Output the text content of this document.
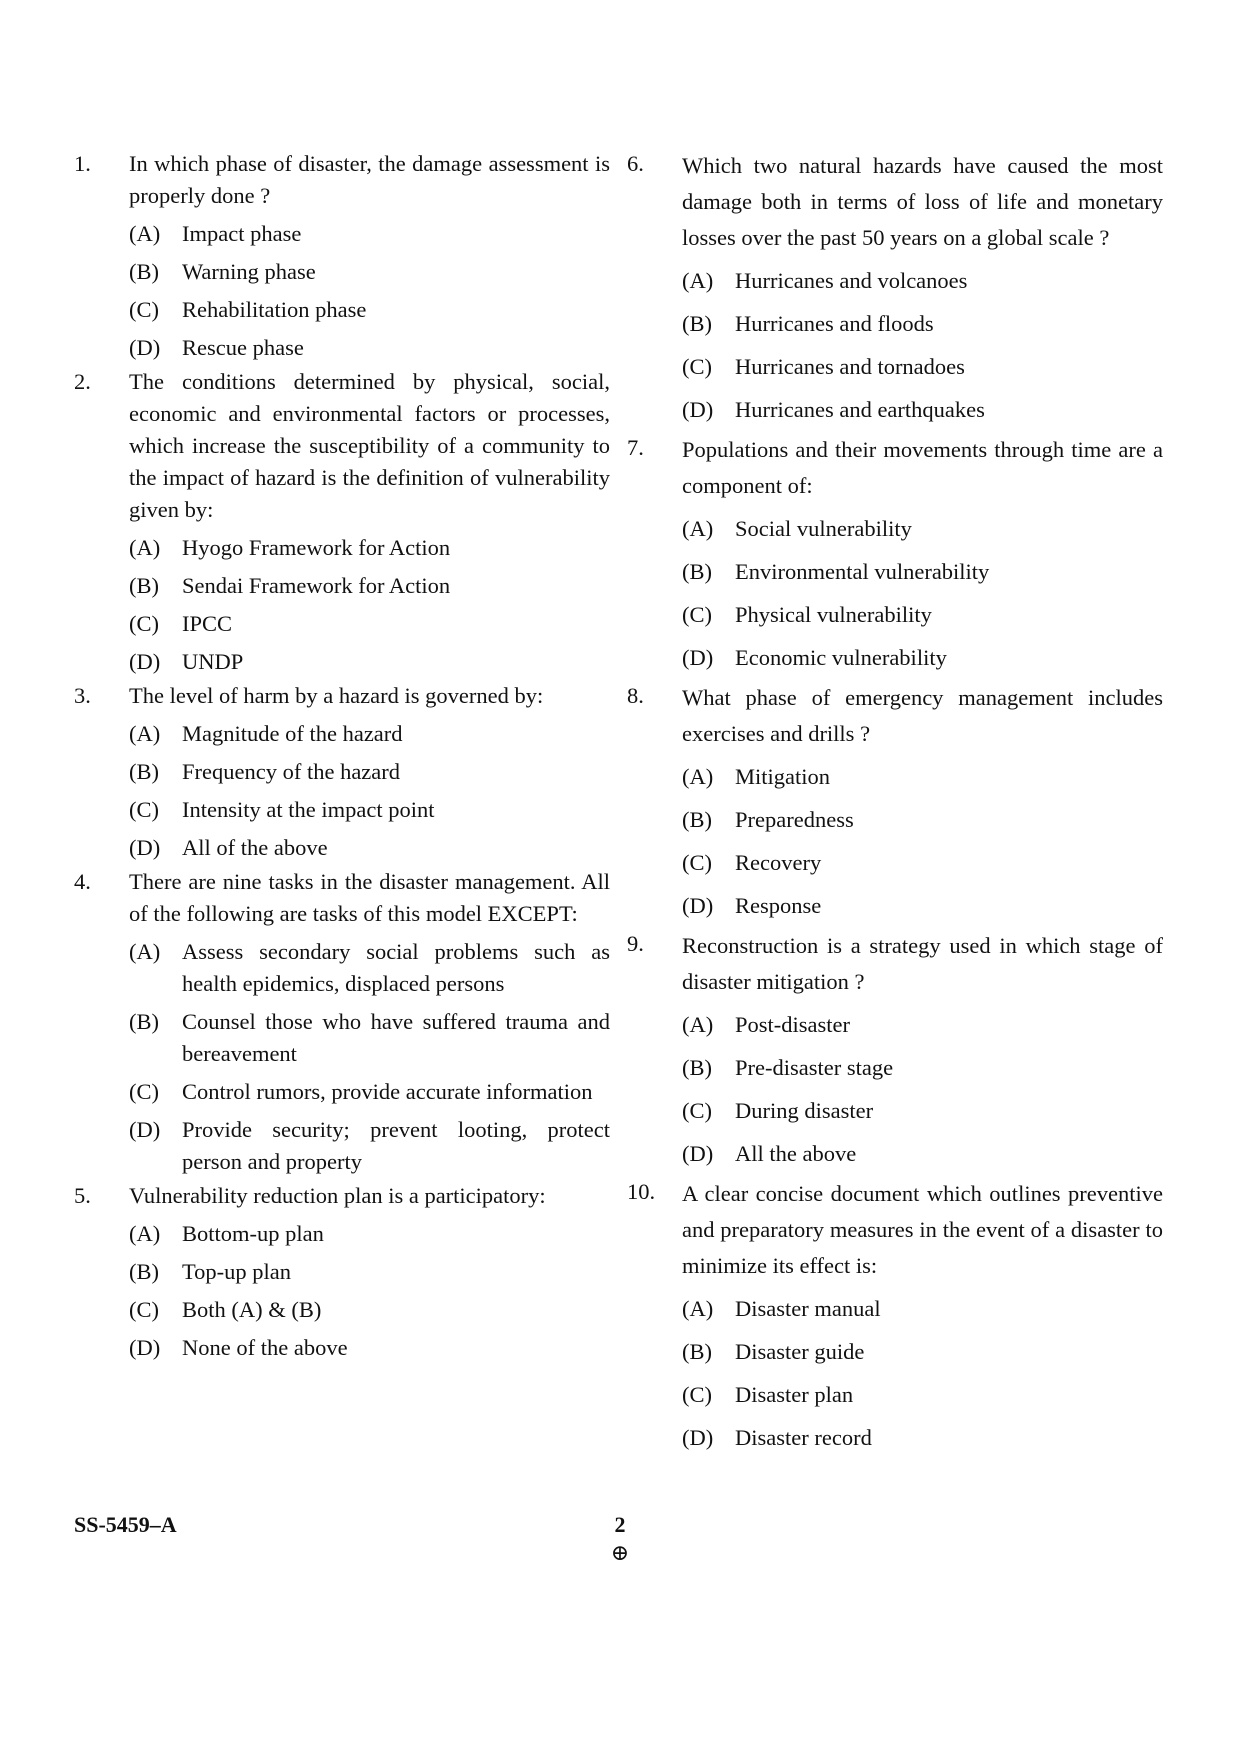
1. In which phase of disaster, the damage assessment is properly done ?
(A) Impact phase
(B) Warning phase
(C) Rehabilitation phase
(D) Rescue phase
2. The conditions determined by physical, social, economic and environmental factors or processes, which increase the susceptibility of a community to the impact of hazard is the definition of vulnerability given by:
(A) Hyogo Framework for Action
(B) Sendai Framework for Action
(C) IPCC
(D) UNDP
3. The level of harm by a hazard is governed by:
(A) Magnitude of the hazard
(B) Frequency of the hazard
(C) Intensity at the impact point
(D) All of the above
4. There are nine tasks in the disaster management. All of the following are tasks of this model EXCEPT:
(A) Assess secondary social problems such as health epidemics, displaced persons
(B) Counsel those who have suffered trauma and bereavement
(C) Control rumors, provide accurate information
(D) Provide security; prevent looting, protect person and property
5. Vulnerability reduction plan is a participatory:
(A) Bottom-up plan
(B) Top-up plan
(C) Both (A) & (B)
(D) None of the above
6. Which two natural hazards have caused the most damage both in terms of loss of life and monetary losses over the past 50 years on a global scale ?
(A) Hurricanes and volcanoes
(B) Hurricanes and floods
(C) Hurricanes and tornadoes
(D) Hurricanes and earthquakes
7. Populations and their movements through time are a component of:
(A) Social vulnerability
(B) Environmental vulnerability
(C) Physical vulnerability
(D) Economic vulnerability
8. What phase of emergency management includes exercises and drills ?
(A) Mitigation
(B) Preparedness
(C) Recovery
(D) Response
9. Reconstruction is a strategy used in which stage of disaster mitigation ?
(A) Post-disaster
(B) Pre-disaster stage
(C) During disaster
(D) All the above
10. A clear concise document which outlines preventive and preparatory measures in the event of a disaster to minimize its effect is:
(A) Disaster manual
(B) Disaster guide
(C) Disaster plan
(D) Disaster record
SS-5459–A	2
⊕
